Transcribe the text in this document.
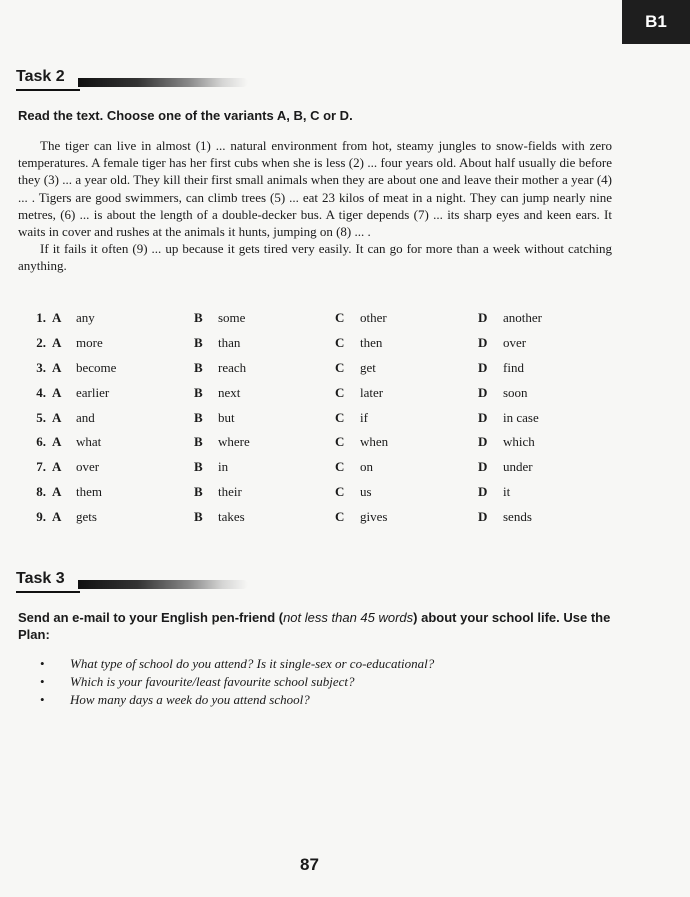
B1
Task 2
Read the text. Choose one of the variants A, B, C or D.

The tiger can live in almost (1) ... natural environment from hot, steamy jungles to snow-fields with zero temperatures. A female tiger has her first cubs when she is less (2) ... four years old. About half usually die before they (3) ... a year old. They kill their first small animals when they are about one and leave their mother a year (4) ... . Tigers are good swimmers, can climb trees (5) ... eat 23 kilos of meat in a night. They can jump nearly nine metres, (6) ... is about the length of a double-decker bus. A tiger depends (7) ... its sharp eyes and keen ears. It waits in cover and rushes at the animals it hunts, jumping on (8) ... .

If it fails it often (9) ... up because it gets tired very easily. It can go for more than a week without catching anything.

1. A any	B some	C other	D another
2. A more	B than	C then	D over
3. A become	B reach	C get	D find
4. A earlier	B next	C later	D soon
5. A and	B but	C if	D in case
6. A what	B where	C when	D which
7. A over	B in	C on	D under
8. A them	B their	C us	D it
9. A gets	B takes	C gives	D sends
Task 3
Send an e-mail to your English pen-friend (not less than 45 words) about your school life. Use the Plan:
• What type of school do you attend? Is it single-sex or co-educational?
• Which is your favourite/least favourite school subject?
• How many days a week do you attend school?
87
